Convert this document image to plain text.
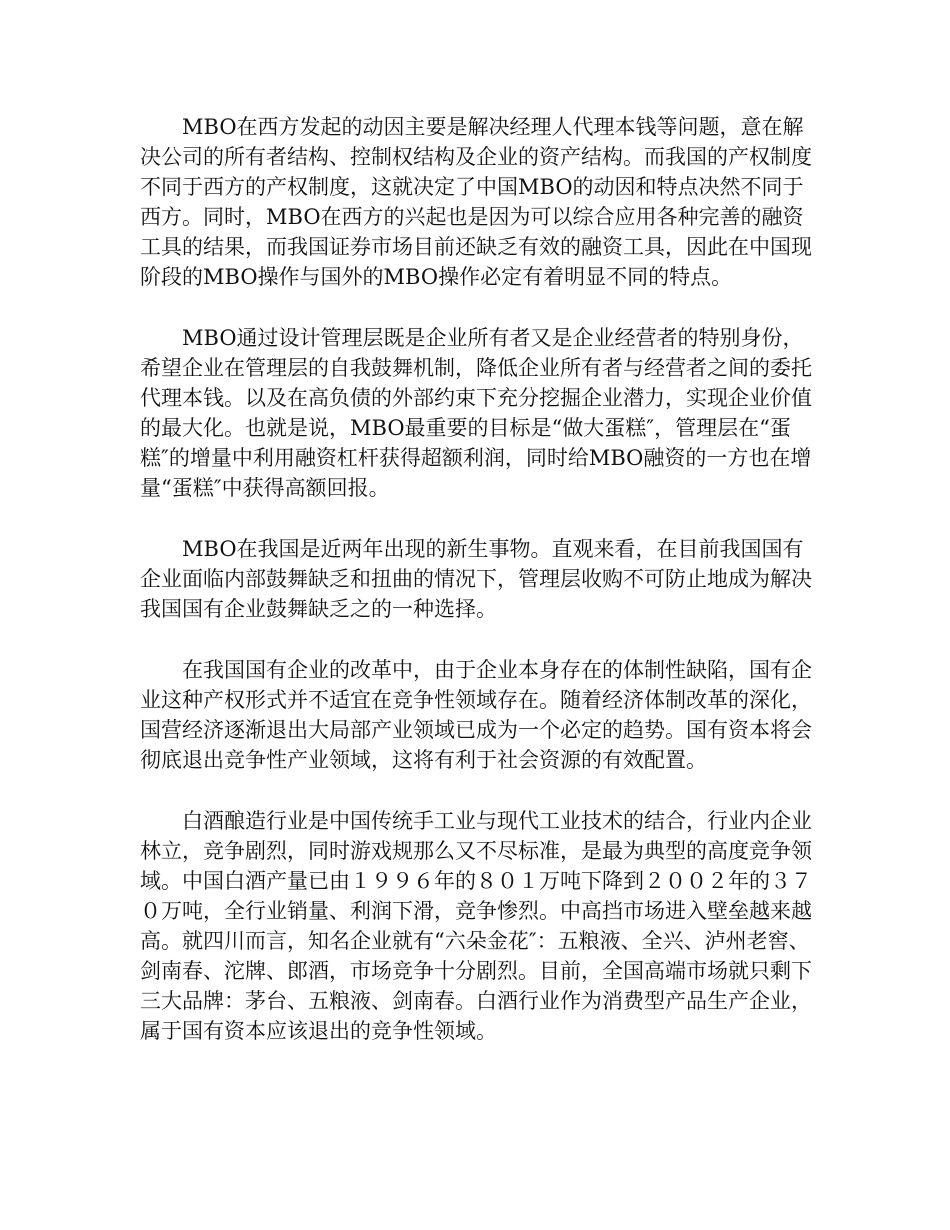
MBO在西方发起的动因主要是解决经理人代理本钱等问题，意在解决公司的所有者结构、控制权结构及企业的资产结构。而我国的产权制度不同于西方的产权制度，这就决定了中国MBO的动因和特点决然不同于西方。同时，MBO在西方的兴起也是因为可以综合应用各种完善的融资工具的结果，而我国证券市场目前还缺乏有效的融资工具，因此在中国现阶段的MBO操作与国外的MBO操作必定有着明显不同的特点。

MBO通过设计管理层既是企业所有者又是企业经营者的特别身份，希望企业在管理层的自我鼓舞机制，降低企业所有者与经营者之间的委托代理本钱。以及在高负债的外部约束下充分挖掘企业潜力，实现企业价值的最大化。也就是说，MBO最重要的目标是“做大蛋糕″，管理层在“蛋糕″的增量中利用融资杠杆获得超额利润，同时给MBO融资的一方也在增量“蛋糕″中获得高额回报。

MBO在我国是近两年出现的新生事物。直观来看，在目前我国国有企业面临内部鼓舞缺乏和扭曲的情况下，管理层收购不可防止地成为解决我国国有企业鼓舞缺乏之的一种选择。

在我国国有企业的改革中，由于企业本身存在的体制性缺陷，国有企业这种产权形式并不适宜在竞争性领域存在。随着经济体制改革的深化，国营经济逐渐退出大局部产业领域已成为一个必定的趋势。国有资本将会彻底退出竞争性产业领域，这将有利于社会资源的有效配置。

白酒酿造行业是中国传统手工业与现代工业技术的结合，行业内企业林立，竞争剧烈，同时游戏规那么又不尽标准，是最为典型的高度竞争领域。中国白酒产量已由１９９６年的８０１万吨下降到２００２年的３７０万吨，全行业销量、利润下滑，竞争惨烈。中高挡市场进入壁垒越来越高。就四川而言，知名企业就有“六朵金花″：五粮液、全兴、泸州老窖、剑南春、沱牌、郎酒，市场竞争十分剧烈。目前，全国高端市场就只剩下三大品牌：茅台、五粮液、剑南春。白酒行业作为消费型产品生产企业，属于国有资本应该退出的竞争性领域。
